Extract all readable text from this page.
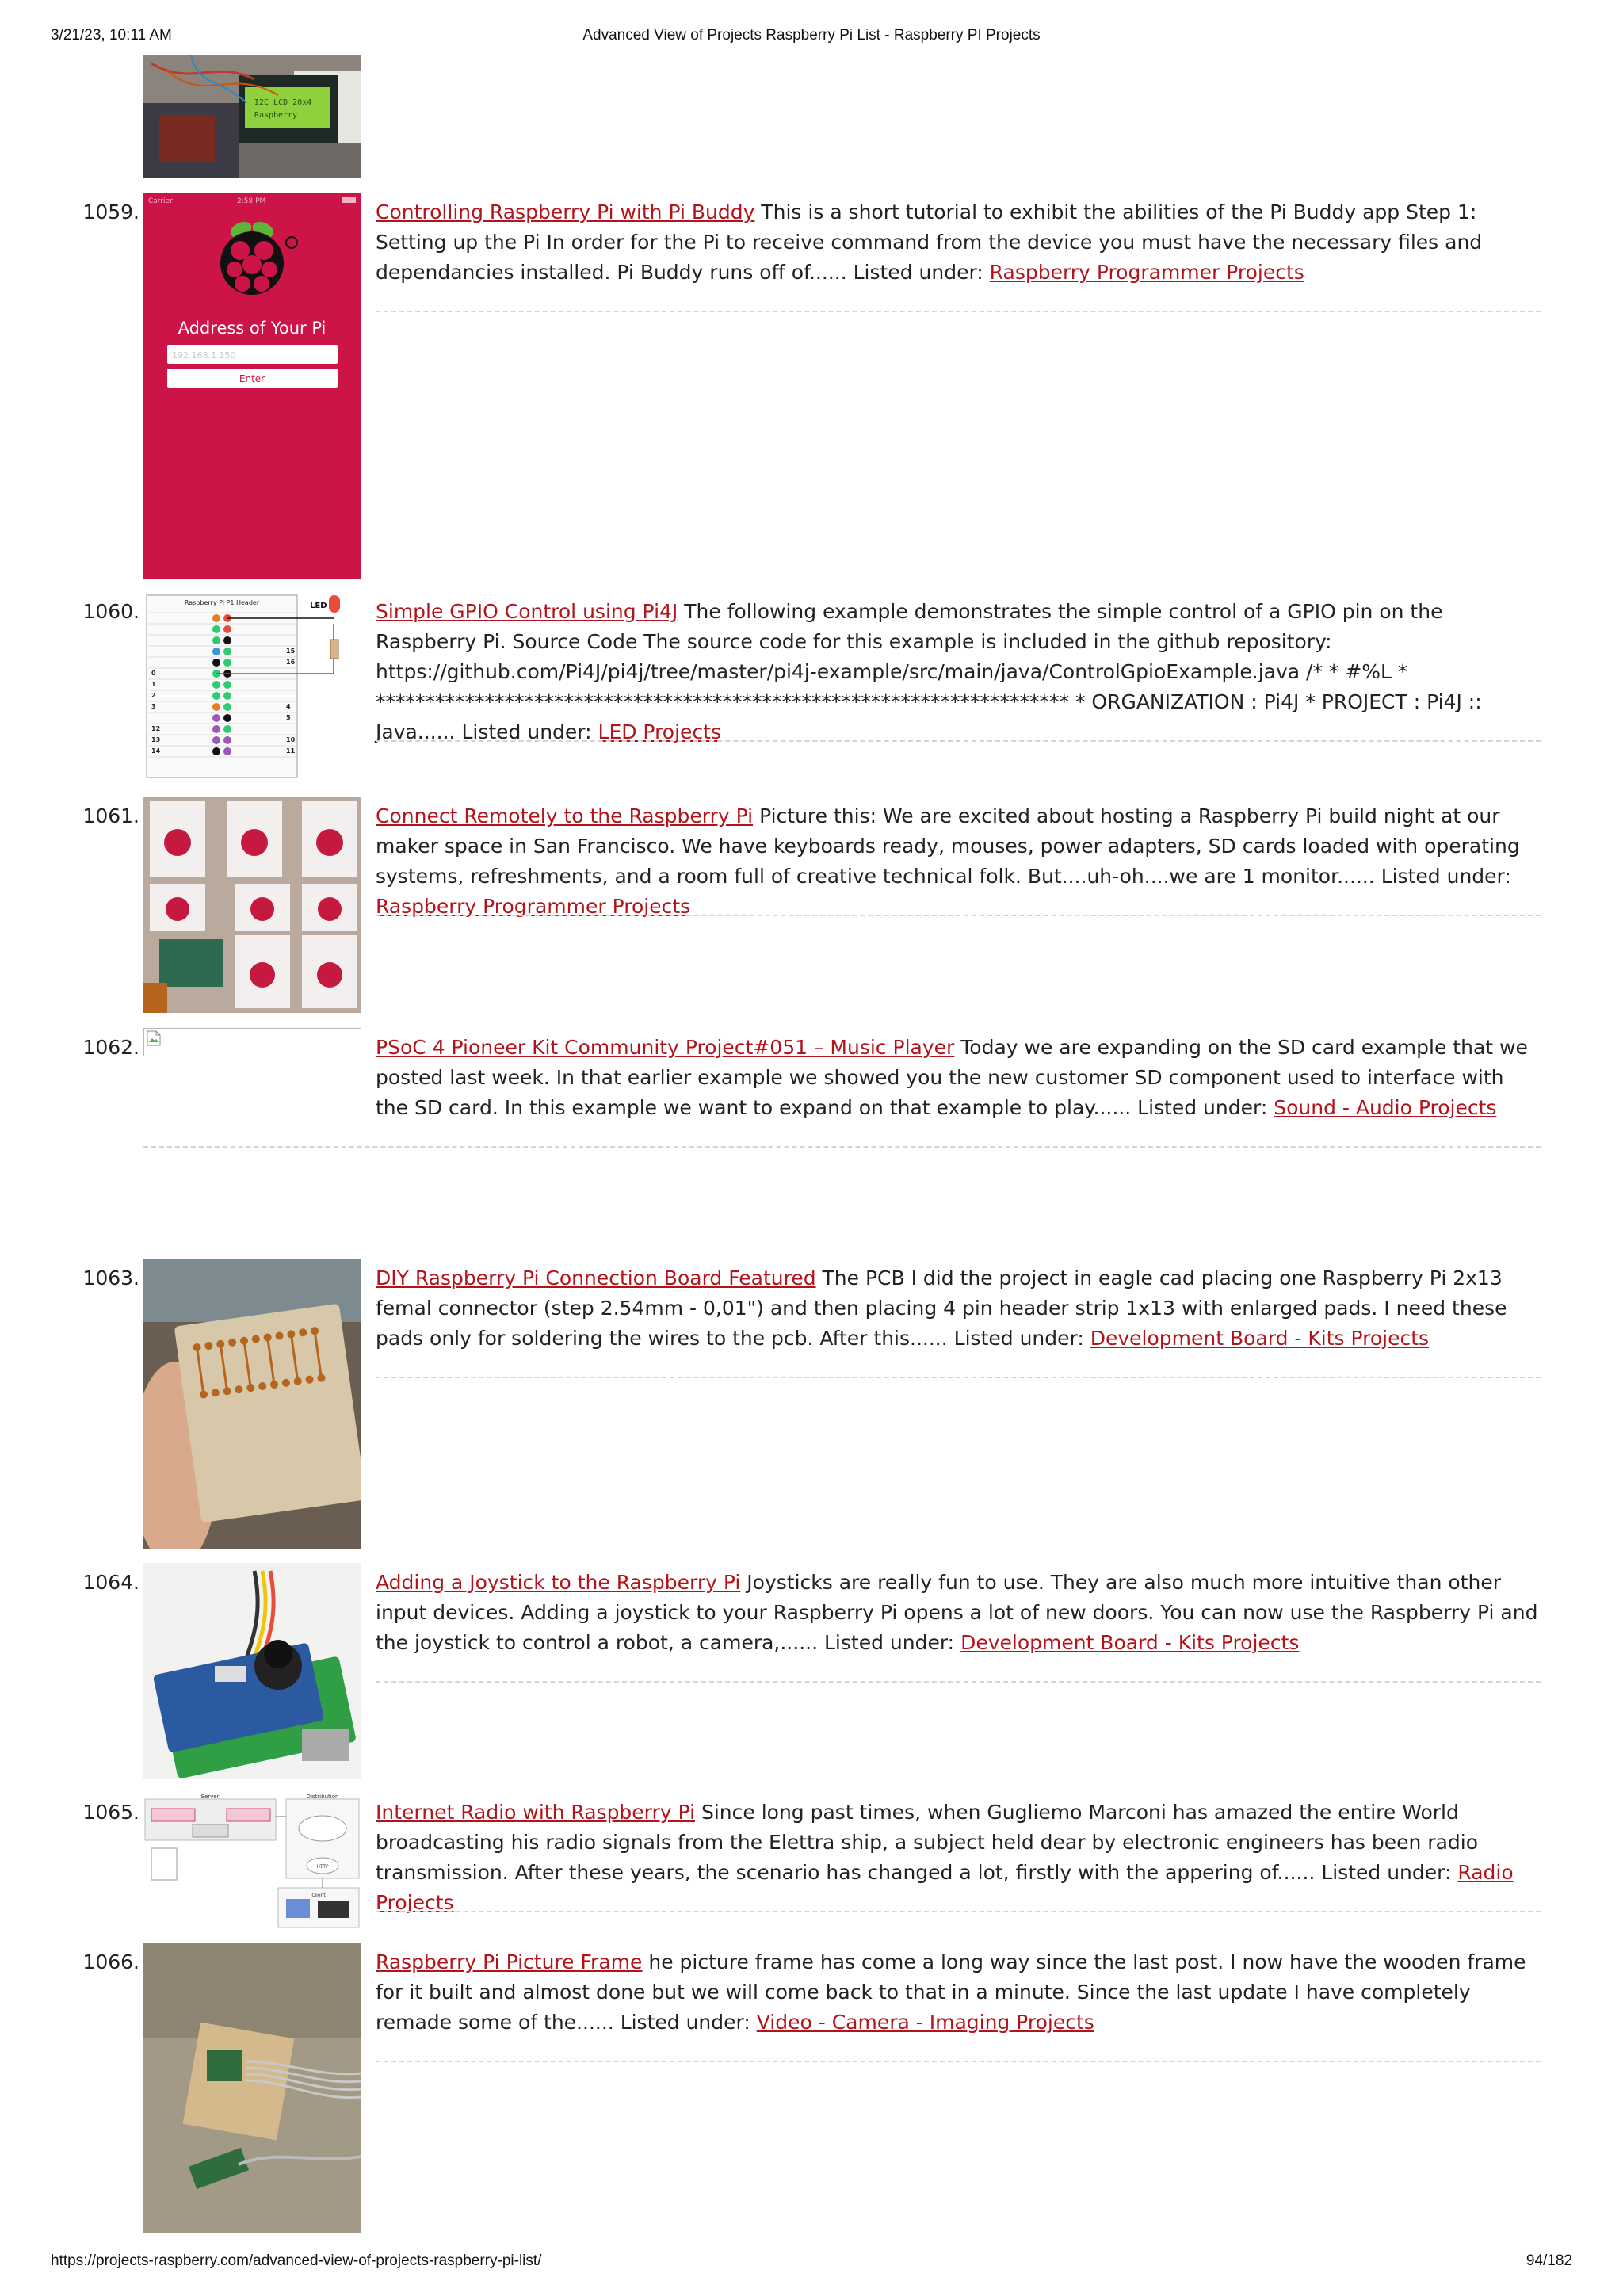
3/21/23, 10:11 AM	Advanced View of Projects Raspberry Pi List - Raspberry PI Projects
I2C LCD 20x4
Raspberry
1059. Carrier	2:58 PM
Address of Your Pi
192.168.1.150
Enter
Controlling Raspberry Pi with Pi Buddy This is a short tutorial to exhibit the abilities of the Pi Buddy app Step 1: Setting up the Pi In order for the Pi to receive command from the device you must have the necessary files and dependancies installed. Pi Buddy runs off of...... Listed under: Raspberry Programmer Projects
1060.	Raspberry Pi P1 Header
15
16
4
5
10
11
0
1
2
3
12
13
14
LED Simple GPIO Control using Pi4J The following example demonstrates the simple control of a GPIO pin on the Raspberry Pi. Source Code The source code for this example is included in the github repository: https://github.com/Pi4J/pi4j/tree/master/pi4j-example/src/main/java/ControlGpioExample.java /* * #%L * ********************************************************************** * ORGANIZATION : Pi4J * PROJECT : Pi4J :: Java...... Listed under: LED Projects
1061.	Connect Remotely to the Raspberry Pi Picture this: We are excited about hosting a Raspberry Pi build night at our maker space in San Francisco. We have keyboards ready, mouses, power adapters, SD cards loaded with operating systems, refreshments, and a room full of creative technical folk. But....uh-oh....we are 1 monitor...... Listed under: Raspberry Programmer Projects
1062.	PSoC 4 Pioneer Kit Community Project#051 – Music Player Today we are expanding on the SD card example that we posted last week. In that earlier example we showed you the new customer SD component used to interface with the SD card. In this example we want to expand on that example to play...... Listed under: Sound - Audio Projects
1063.	DIY Raspberry Pi Connection Board Featured The PCB I did the project in eagle cad placing one Raspberry Pi 2x13 femal connector (step 2.54mm - 0,01") and then placing 4 pin header strip 1x13 with enlarged pads. I need these pads only for soldering the wires to the pcb. After this...... Listed under: Development Board - Kits Projects
1064.	Adding a Joystick to the Raspberry Pi Joysticks are really fun to use. They are also much more intuitive than other input devices. Adding a joystick to your Raspberry Pi opens a lot of new doors. You can now use the Raspberry Pi and the joystick to control a robot, a camera,...... Listed under: Development Board - Kits Projects
1065.
Server	Distribution
HTTP
Client
Internet Radio with Raspberry Pi Since long past times, when Gugliemo Marconi has amazed the entire World broadcasting his radio signals from the Elettra ship, a subject held dear by electronic engineers has been radio transmission. After these years, the scenario has changed a lot, firstly with the appering of...... Listed under: Radio Projects
1066.	Raspberry Pi Picture Frame he picture frame has come a long way since the last post. I now have the wooden frame for it built and almost done but we will come back to that in a minute. Since the last update I have completely remade some of the...... Listed under: Video - Camera - Imaging Projects
https://projects-raspberry.com/advanced-view-of-projects-raspberry-pi-list/	94/182
